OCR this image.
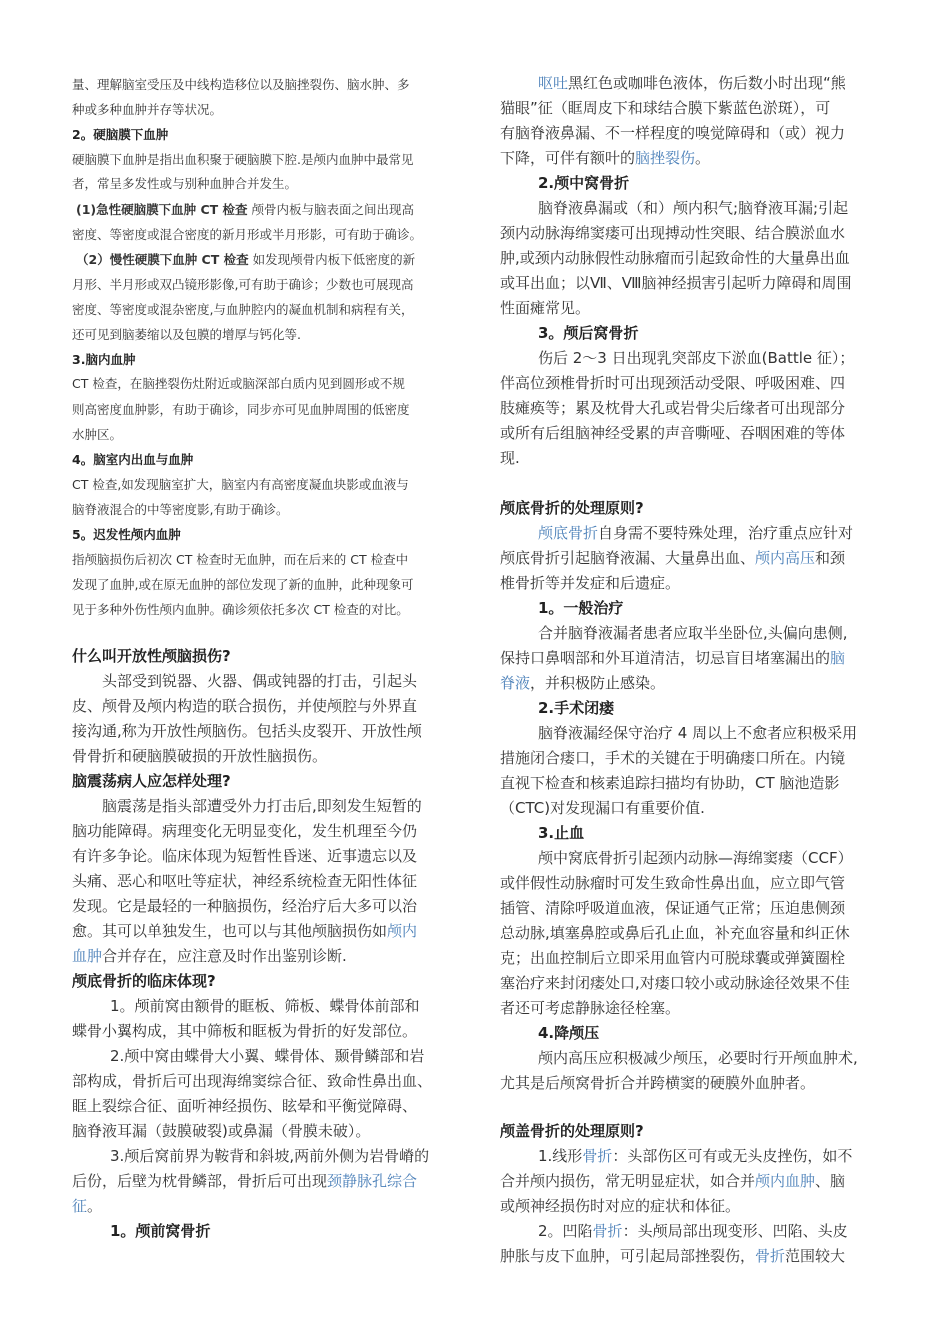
量、理解脑室受压及中线构造移位以及脑挫裂伤、脑水肿、多
种或多种血肿并存等状况。
2。硬脑膜下血肿
硬脑膜下血肿是指出血积聚于硬脑膜下腔.是颅内血肿中最常见
者，常呈多发性或与别种血肿合并发生。
(1)急性硬脑膜下血肿 CT 检查 颅骨内板与脑表面之间出现高
密度、等密度或混合密度的新月形或半月形影，可有助于确诊。
（2）慢性硬膜下血肿 CT 检查 如发现颅骨内板下低密度的新
月形、半月形或双凸镜形影像,可有助于确诊；少数也可展现高
密度、等密度或混杂密度,与血肿腔内的凝血机制和病程有关，
还可见到脑萎缩以及包膜的增厚与钙化等.
3.脑内血肿
CT 检查，在脑挫裂伤灶附近或脑深部白质内见到圆形或不规
则高密度血肿影，有助于确诊，同步亦可见血肿周围的低密度
水肿区。
4。脑室内出血与血肿
CT 检查,如发现脑室扩大，脑室内有高密度凝血块影或血液与
脑脊液混合的中等密度影,有助于确诊。
5。迟发性颅内血肿
指颅脑损伤后初次 CT 检查时无血肿，而在后来的 CT 检查中
发现了血肿,或在原无血肿的部位发现了新的血肿，此种现象可
见于多种外伤性颅内血肿。确诊须依托多次 CT 检查的对比。
什么叫开放性颅脑损伤?
头部受到锐器、火器、偶或钝器的打击，引起头
皮、颅骨及颅内构造的联合损伤，并使颅腔与外界直
接沟通,称为开放性颅脑伤。包括头皮裂开、开放性颅
骨骨折和硬脑膜破损的开放性脑损伤。
脑震荡病人应怎样处理?
脑震荡是指头部遭受外力打击后,即刻发生短暂的
脑功能障碍。病理变化无明显变化，发生机理至今仍
有许多争论。临床体现为短暂性昏迷、近事遗忘以及
头痛、恶心和呕吐等症状，神经系统检查无阳性体征
发现。它是最轻的一种脑损伤，经治疗后大多可以治
愈。其可以单独发生，也可以与其他颅脑损伤如颅内
血肿合并存在，应注意及时作出鉴别诊断.
颅底骨折的临床体现?
1。颅前窝由额骨的眶板、筛板、蝶骨体前部和
蝶骨小翼构成，其中筛板和眶板为骨折的好发部位。
2.颅中窝由蝶骨大小翼、蝶骨体、颞骨鳞部和岩
部构成，骨折后可出现海绵窦综合征、致命性鼻出血、
眶上裂综合征、面听神经损伤、眩晕和平衡觉障碍、
脑脊液耳漏（鼓膜破裂)或鼻漏（骨膜未破）。
3.颅后窝前界为鞍背和斜坡,两前外侧为岩骨嵴的
后份，后壁为枕骨鳞部，骨折后可出现颈静脉孔综合
征。
1。颅前窝骨折
呕吐黑红色或咖啡色液体，伤后数小时出现“熊
猫眼”征（眶周皮下和球结合膜下紫蓝色淤斑），可
有脑脊液鼻漏、不一样程度的嗅觉障碍和（或）视力
下降，可伴有额叶的脑挫裂伤。
2.颅中窝骨折
脑脊液鼻漏或（和）颅内积气;脑脊液耳漏;引起
颈内动脉海绵窦瘘可出现搏动性突眼、结合膜淤血水
肿,或颈内动脉假性动脉瘤而引起致命性的大量鼻出血
或耳出血；以Ⅶ、Ⅷ脑神经损害引起听力障碍和周围
性面瘫常见。
3。颅后窝骨折
伤后 2～3 日出现乳突部皮下淤血(Battle 征）；
伴高位颈椎骨折时可出现颈活动受限、呼吸困难、四
肢瘫痪等；累及枕骨大孔或岩骨尖后缘者可出现部分
或所有后组脑神经受累的声音嘶哑、吞咽困难的等体
现.
颅底骨折的处理原则?
颅底骨折自身需不要特殊处理，治疗重点应针对
颅底骨折引起脑脊液漏、大量鼻出血、颅内高压和颈
椎骨折等并发症和后遗症。
1。一般治疗
合并脑脊液漏者患者应取半坐卧位,头偏向患侧,
保持口鼻咽部和外耳道清洁，切忌盲目堵塞漏出的脑
脊液，并积极防止感染。
2.手术闭瘘
脑脊液漏经保守治疗 4 周以上不愈者应积极采用
措施闭合瘘口，手术的关键在于明确瘘口所在。内镜
直视下检查和核素追踪扫描均有协助，CT 脑池造影
（CTC)对发现漏口有重要价值.
3.止血
颅中窝底骨折引起颈内动脉—海绵窦瘘（CCF）
或伴假性动脉瘤时可发生致命性鼻出血，应立即气管
插管、清除呼吸道血液，保证通气正常；压迫患侧颈
总动脉,填塞鼻腔或鼻后孔止血，补充血容量和纠正休
克；出血控制后立即采用血管内可脱球囊或弹簧圈栓
塞治疗来封闭瘘处口,对瘘口较小或动脉途径效果不佳
者还可考虑静脉途径栓塞。
4.降颅压
颅内高压应积极减少颅压，必要时行开颅血肿术,
尤其是后颅窝骨折合并跨横窦的硬膜外血肿者。
颅盖骨折的处理原则?
1.线形骨折：头部伤区可有或无头皮挫伤，如不
合并颅内损伤，常无明显症状，如合并颅内血肿、脑
或颅神经损伤时对应的症状和体征。
2。凹陷骨折：头颅局部出现变形、凹陷、头皮
肿胀与皮下血肿，可引起局部挫裂伤，骨折范围较大
